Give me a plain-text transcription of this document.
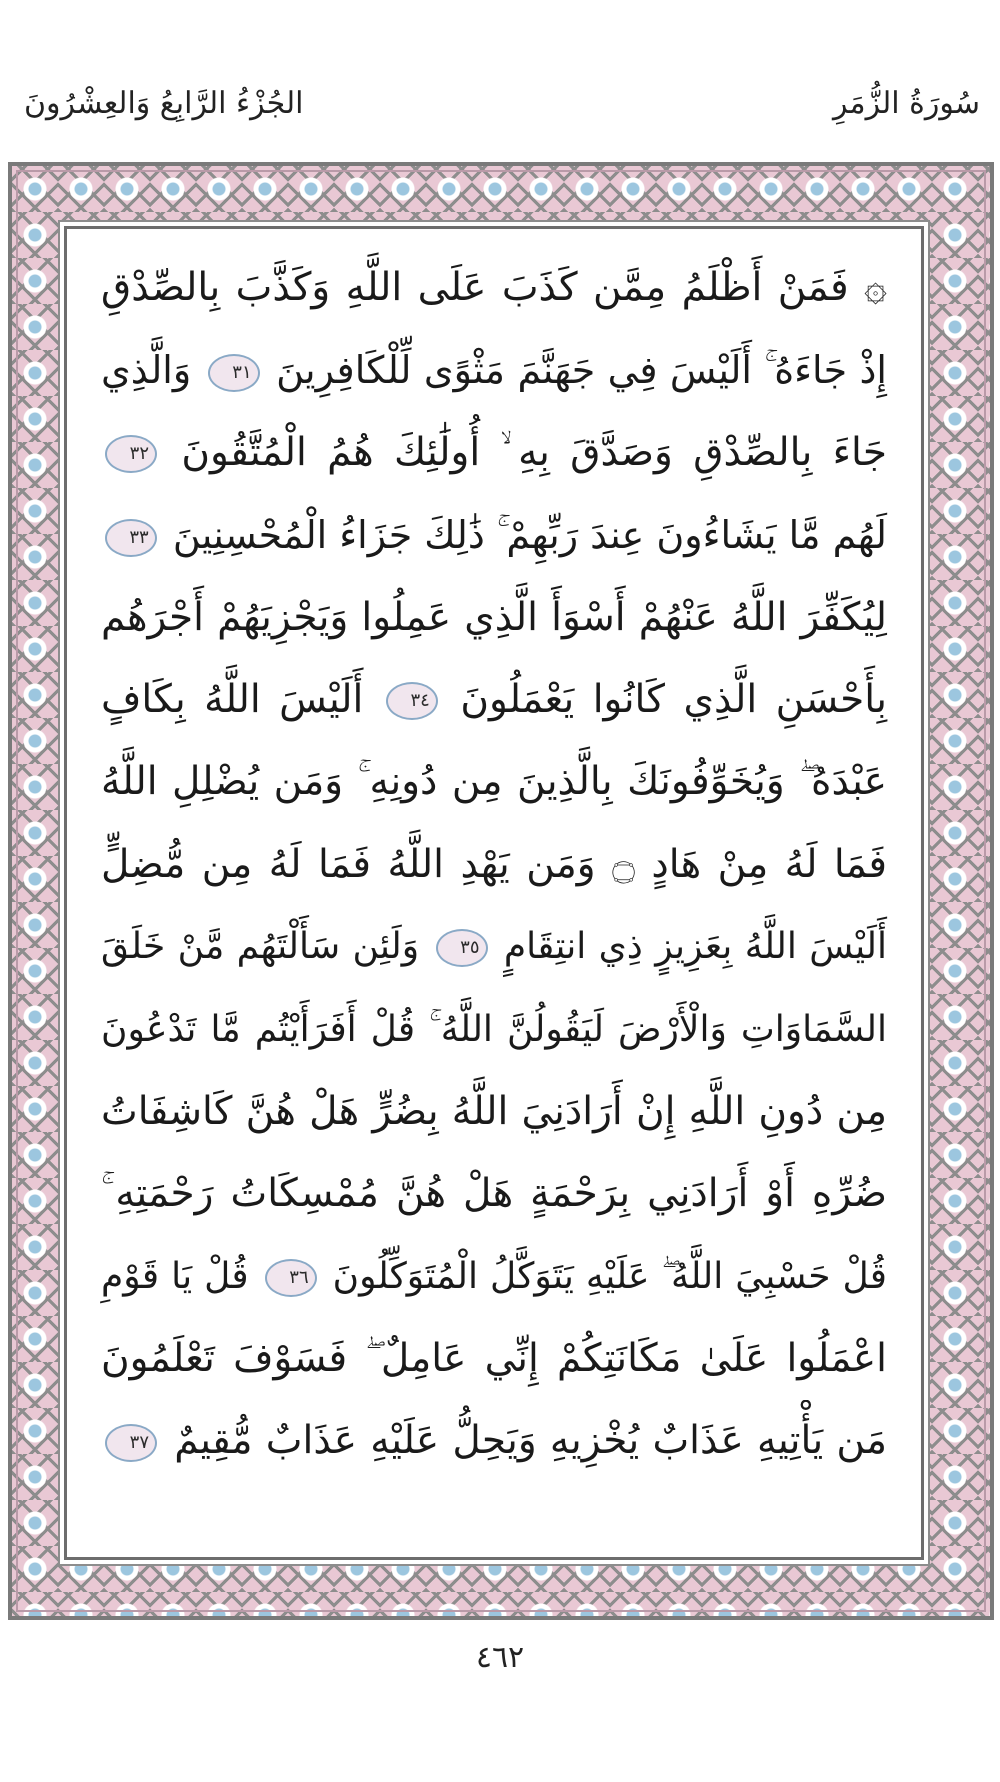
سُورَةُ الزُّمَرِ
الجُزْءُ الرَّابِعُ وَالعِشْرُونَ
۞ فَمَنْ أَظْلَمُ مِمَّن كَذَبَ عَلَى اللَّهِ وَكَذَّبَ بِالصِّدْقِ
إِذْ جَاءَهُ ۚ أَلَيْسَ فِي جَهَنَّمَ مَثْوًى لِّلْكَافِرِينَ ٣١ وَالَّذِي
جَاءَ بِالصِّدْقِ وَصَدَّقَ بِهِ ۙ أُولَٰئِكَ هُمُ الْمُتَّقُونَ ٣٢
لَهُم مَّا يَشَاءُونَ عِندَ رَبِّهِمْ ۚ ذَٰلِكَ جَزَاءُ الْمُحْسِنِينَ ٣٣
لِيُكَفِّرَ اللَّهُ عَنْهُمْ أَسْوَأَ الَّذِي عَمِلُوا وَيَجْزِيَهُمْ أَجْرَهُم
بِأَحْسَنِ الَّذِي كَانُوا يَعْمَلُونَ ٣٤ أَلَيْسَ اللَّهُ بِكَافٍ
عَبْدَهُ ۖ وَيُخَوِّفُونَكَ بِالَّذِينَ مِن دُونِهِ ۚ وَمَن يُضْلِلِ اللَّهُ
فَمَا لَهُ مِنْ هَادٍ ۝ وَمَن يَهْدِ اللَّهُ فَمَا لَهُ مِن مُّضِلٍّ
أَلَيْسَ اللَّهُ بِعَزِيزٍ ذِي انتِقَامٍ ٣٥ وَلَئِن سَأَلْتَهُم مَّنْ خَلَقَ
السَّمَاوَاتِ وَالْأَرْضَ لَيَقُولُنَّ اللَّهُ ۚ قُلْ أَفَرَأَيْتُم مَّا تَدْعُونَ
مِن دُونِ اللَّهِ إِنْ أَرَادَنِيَ اللَّهُ بِضُرٍّ هَلْ هُنَّ كَاشِفَاتُ
ضُرِّهِ أَوْ أَرَادَنِي بِرَحْمَةٍ هَلْ هُنَّ مُمْسِكَاتُ رَحْمَتِهِ ۚ
قُلْ حَسْبِيَ اللَّهُ ۖ عَلَيْهِ يَتَوَكَّلُ الْمُتَوَكِّلُونَ ٣٦ قُلْ يَا قَوْمِ
اعْمَلُوا عَلَىٰ مَكَانَتِكُمْ إِنِّي عَامِلٌ ۖ فَسَوْفَ تَعْلَمُونَ
مَن يَأْتِيهِ عَذَابٌ يُخْزِيهِ وَيَحِلُّ عَلَيْهِ عَذَابٌ مُّقِيمٌ ٣٧
٤٦٢
